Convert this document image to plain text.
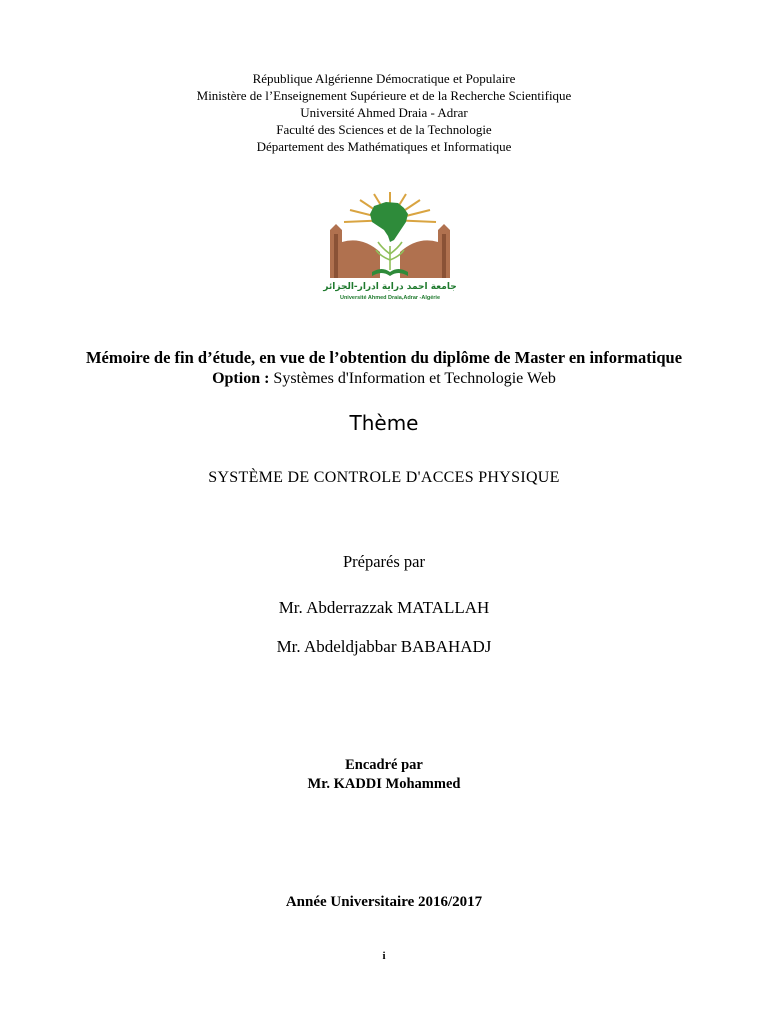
République Algérienne Démocratique et Populaire
Ministère de l’Enseignement Supérieure et de la Recherche Scientifique
Université Ahmed Draia - Adrar
Faculté des Sciences et de la Technologie
Département des Mathématiques et Informatique
جامعة احمد دراية ادرار-الجزائر
Université Ahmed Draia,Adrar -Algérie
Mémoire de fin d’étude, en vue de l’obtention du diplôme de Master en informatique
Option : Systèmes d'Information et Technologie Web
Thème
SYSTÈME DE CONTROLE D'ACCES PHYSIQUE
Préparés par
Mr. Abderrazzak MATALLAH
Mr. Abdeldjabbar BABAHADJ
Encadré par
Mr. KADDI Mohammed
Année Universitaire 2016/2017
i
